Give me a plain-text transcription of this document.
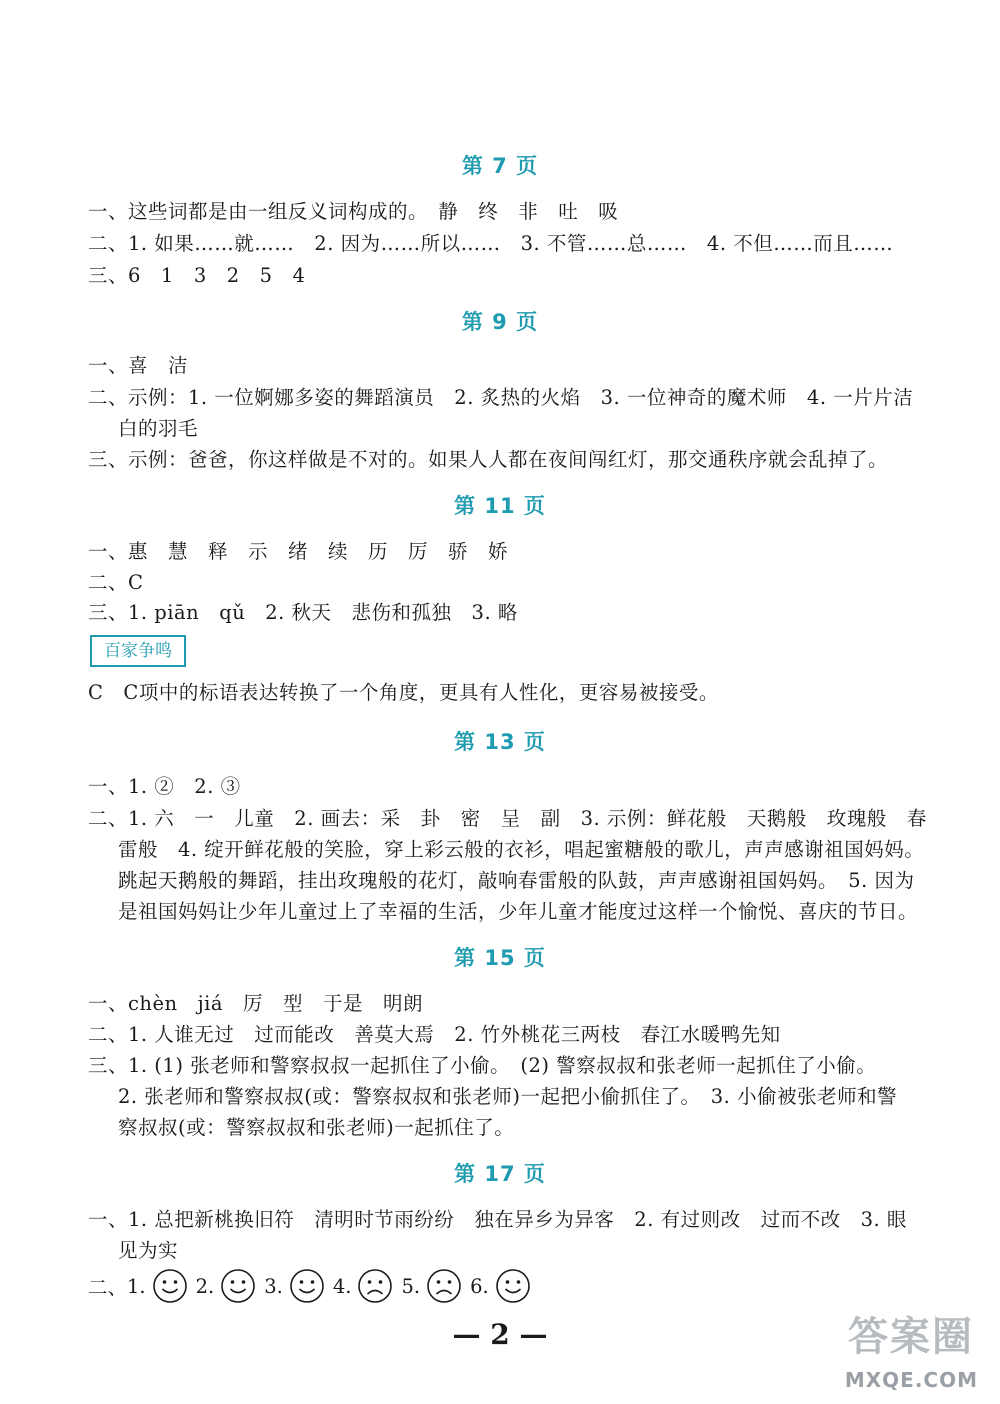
第 7 页
一、这些词都是由一组反义词构成的。　静　终　非　吐　吸
二、1. 如果……就……　2. 因为……所以……　3. 不管……总……　4. 不但……而且……
三、6　1　3　2　5　4
第 9 页
一、喜　洁
二、示例：1. 一位婀娜多姿的舞蹈演员　2. 炙热的火焰　3. 一位神奇的魔术师　4. 一片片洁
白的羽毛
三、示例：爸爸，你这样做是不对的。如果人人都在夜间闯红灯，那交通秩序就会乱掉了。
第 11 页
一、惠　慧　释　示　绪　续　历　厉　骄　娇
二、C
三、1. piān　qǔ　2. 秋天　悲伤和孤独　3. 略
百家争鸣
C　C项中的标语表达转换了一个角度，更具有人性化，更容易被接受。
第 13 页
一、1. ②　2. ③
二、1. 六　一　儿童　2. 画去：采　卦　密　呈　副　3. 示例：鲜花般　天鹅般　玫瑰般　春
雷般　4. 绽开鲜花般的笑脸，穿上彩云般的衣衫，唱起蜜糖般的歌儿，声声感谢祖国妈妈。
跳起天鹅般的舞蹈，挂出玫瑰般的花灯，敲响春雷般的队鼓，声声感谢祖国妈妈。　5. 因为
是祖国妈妈让少年儿童过上了幸福的生活，少年儿童才能度过这样一个愉悦、喜庆的节日。
第 15 页
一、chèn　jiá　厉　型　于是　明朗
二、1. 人谁无过　过而能改　善莫大焉　2. 竹外桃花三两枝　春江水暖鸭先知
三、1. (1) 张老师和警察叔叔一起抓住了小偷。　(2) 警察叔叔和张老师一起抓住了小偷。
2. 张老师和警察叔叔(或：警察叔叔和张老师)一起把小偷抓住了。　3. 小偷被张老师和警
察叔叔(或：警察叔叔和张老师)一起抓住了。
第 17 页
一、1. 总把新桃换旧符　清明时节雨纷纷　独在异乡为异客　2. 有过则改　过而不改　3. 眼
见为实
二、 1.	2.	3.	4.	5.	6.
— 2 —	答案圈
MXQE.COM
